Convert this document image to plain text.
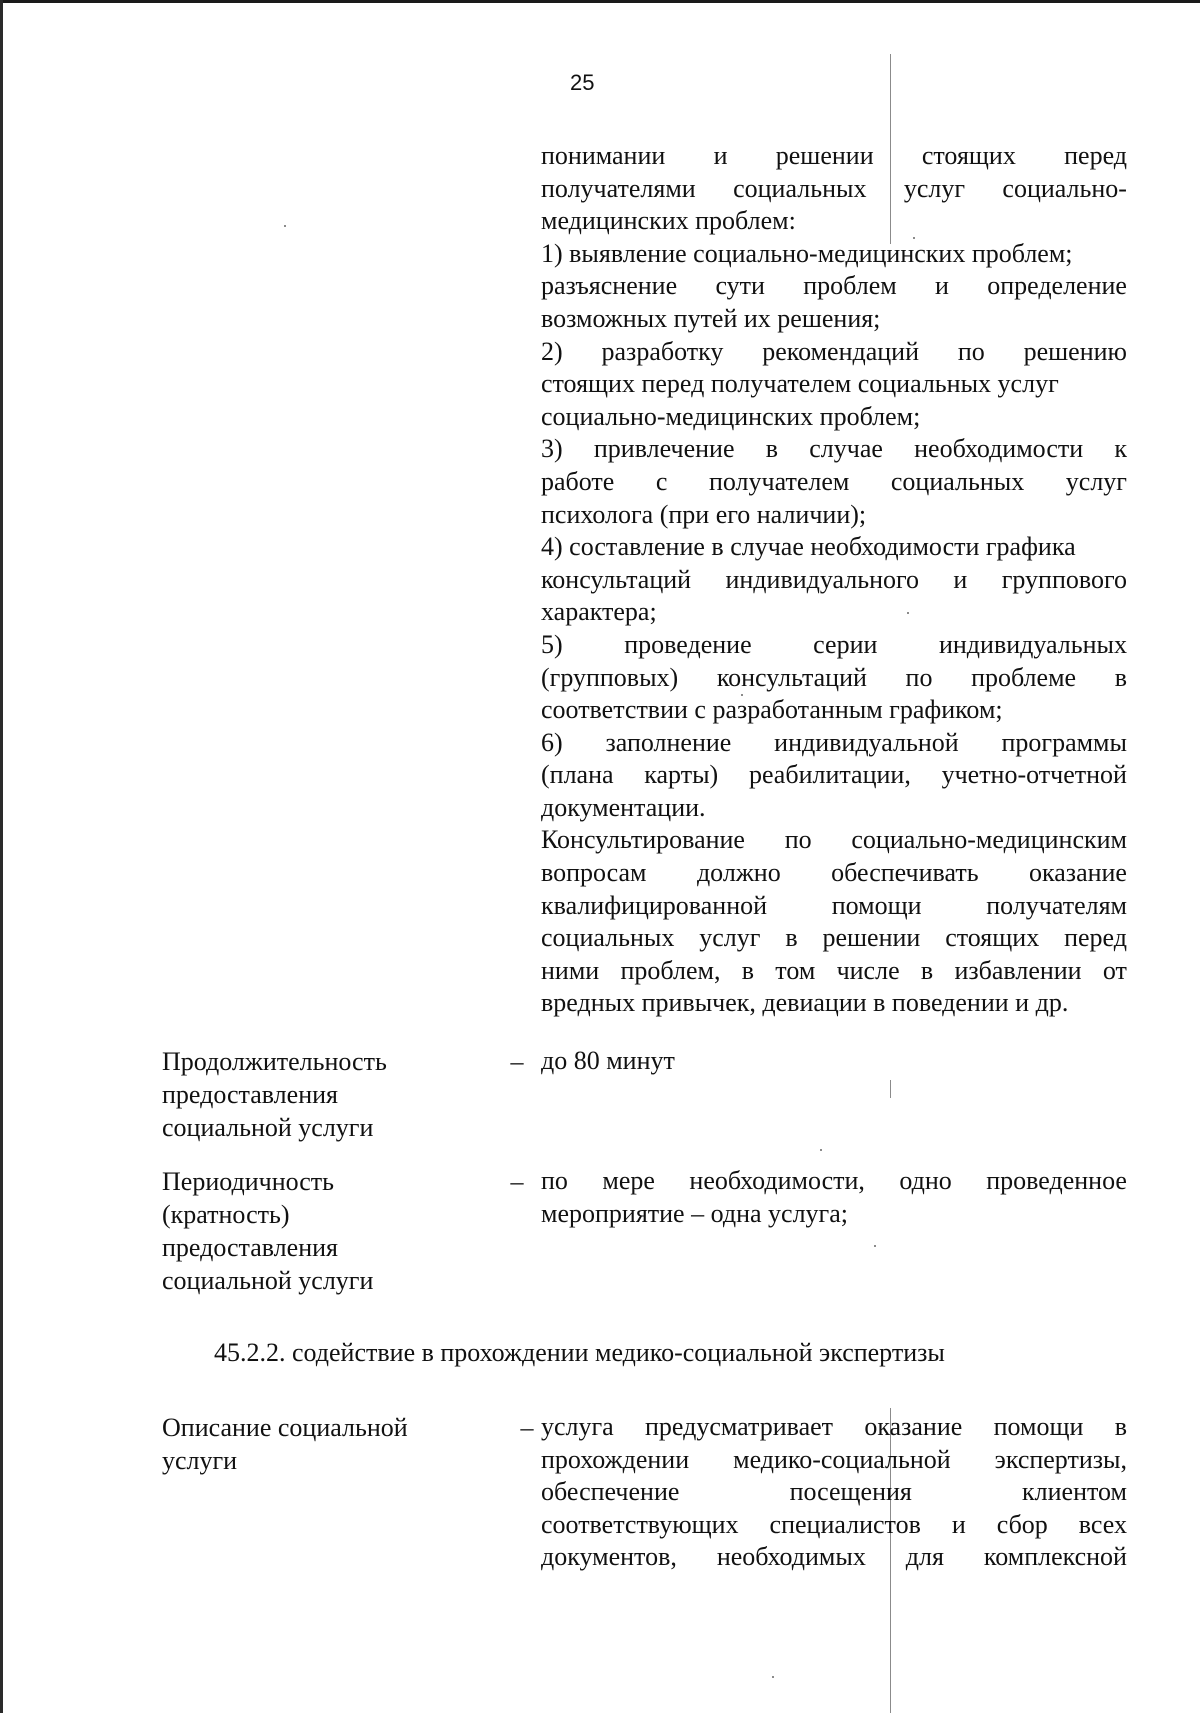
25
понимании и решении стоящих перед
получателями социальных услуг социально-
медицинских проблем:
1) выявление социально-медицинских проблем;
разъяснение сути проблем и определение
возможных путей их решения;
2) разработку рекомендаций по решению
стоящих перед получателем социальных услуг
социально-медицинских проблем;
3) привлечение в случае необходимости к
работе с получателем социальных услуг
психолога (при его наличии);
4) составление в случае необходимости графика
консультаций индивидуального и группового
характера;
5) проведение серии индивидуальных
(групповых) консультаций по проблеме в
соответствии с разработанным графиком;
6) заполнение индивидуальной программы
(плана карты) реабилитации, учетно-отчетной
документации.
Консультирование по социально-медицинским
вопросам должно обеспечивать оказание
квалифицированной помощи получателям
социальных услуг в решении стоящих перед
ними проблем, в том числе в избавлении от
вредных привычек, девиации в поведении и др.
Продолжительность
предоставления
социальной услуги
– до 80 минут
Периодичность
(кратность)
предоставления
социальной услуги
– по мере необходимости, одно проведенное
мероприятие – одна услуга;
45.2.2. содействие в прохождении медико-социальной экспертизы
Описание социальной
услуги
– услуга предусматривает оказание помощи в
прохождении медико-социальной экспертизы,
обеспечение	посещения	клиентом
соответствующих специалистов и сбор всех
документов, необходимых для комплексной
